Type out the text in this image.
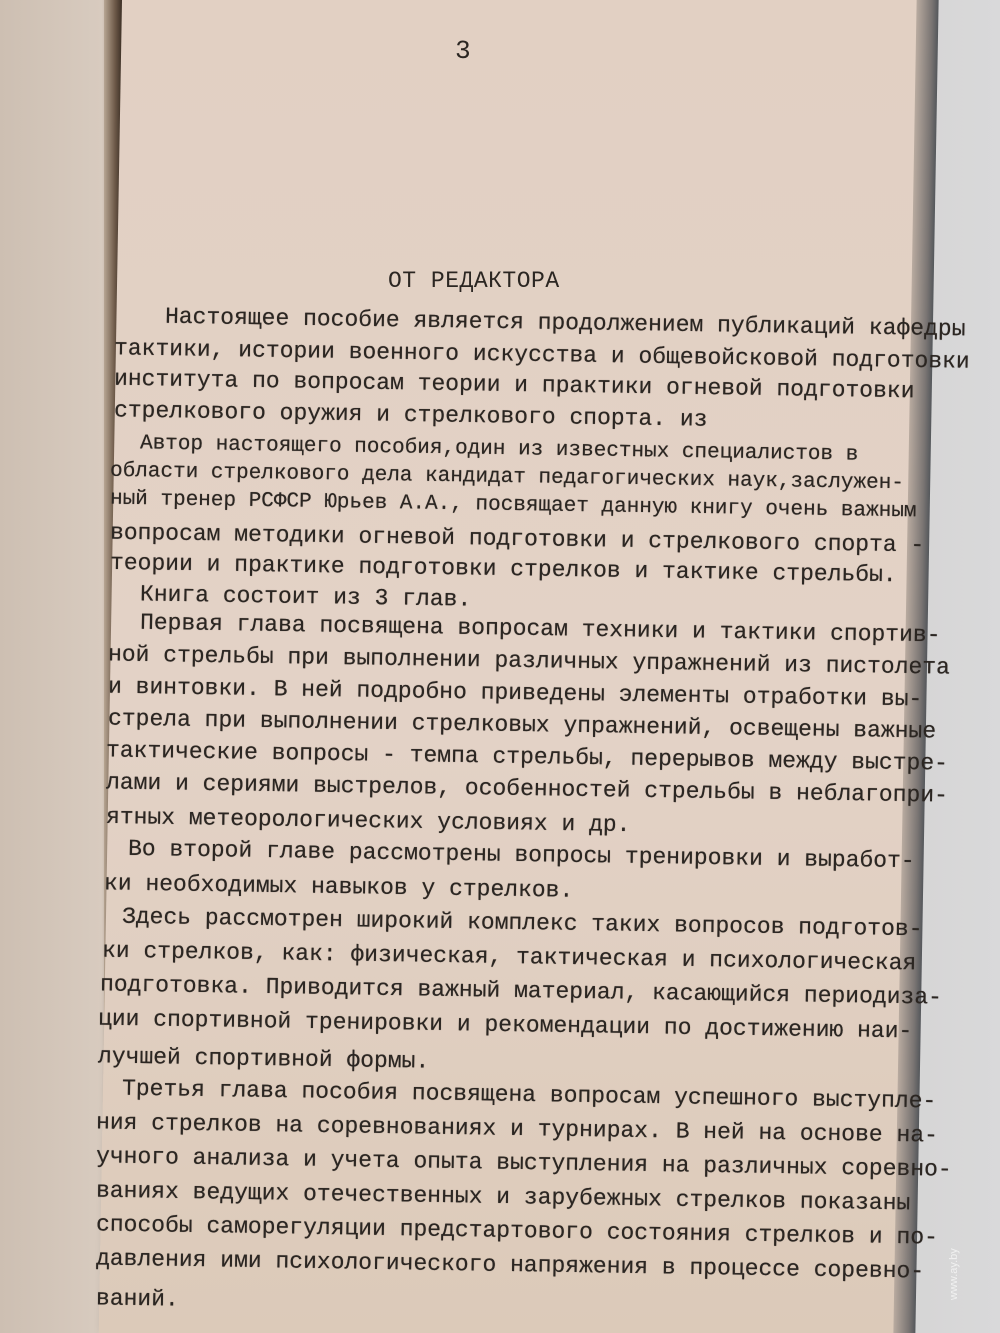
3
ОТ РЕДАКТОРА
Настоящее пособие является продолжением публикаций кафедры
тактики, истории военного искусства и общевойсковой подготовки
института по вопросам теории и практики огневой подготовки
стрелкового оружия и стрелкового спорта. из
Автор настоящего пособия,один из известных специалистов в
области стрелкового дела кандидат педагогических наук,заслужен-
ный тренер РСФСР Юрьев А.А., посвящает данную книгу очень важным
вопросам методики огневой подготовки и стрелкового спорта -
теории и практике подготовки стрелков и тактике стрельбы.
Книга состоит из 3 глав.
Первая глава посвящена вопросам техники и тактики спортив-
ной стрельбы при выполнении различных упражнений из пистолета
и винтовки. В ней подробно приведены элементы отработки вы-
стрела при выполнении стрелковых упражнений, освещены важные
тактические вопросы - темпа стрельбы, перерывов между выстре-
лами и сериями выстрелов, особенностей стрельбы в неблагопри-
ятных метеорологических условиях и др.
Во второй главе рассмотрены вопросы тренировки и выработ-
ки необходимых навыков у стрелков.
Здесь рассмотрен широкий комплекс таких вопросов подготов-
ки стрелков, как: физическая, тактическая и психологическая
подготовка. Приводится важный материал, касающийся периодиза-
ции спортивной тренировки и рекомендации по достижению наи-
лучшей спортивной формы.
Третья глава пособия посвящена вопросам успешного выступле-
ния стрелков на соревнованиях и турнирах. В ней на основе на-
учного анализа и учета опыта выступления на различных соревно-
ваниях ведущих отечественных и зарубежных стрелков показаны
способы саморегуляции предстартового состояния стрелков и по-
давления ими психологического напряжения в процессе соревно-
ваний.	www.ay.by
